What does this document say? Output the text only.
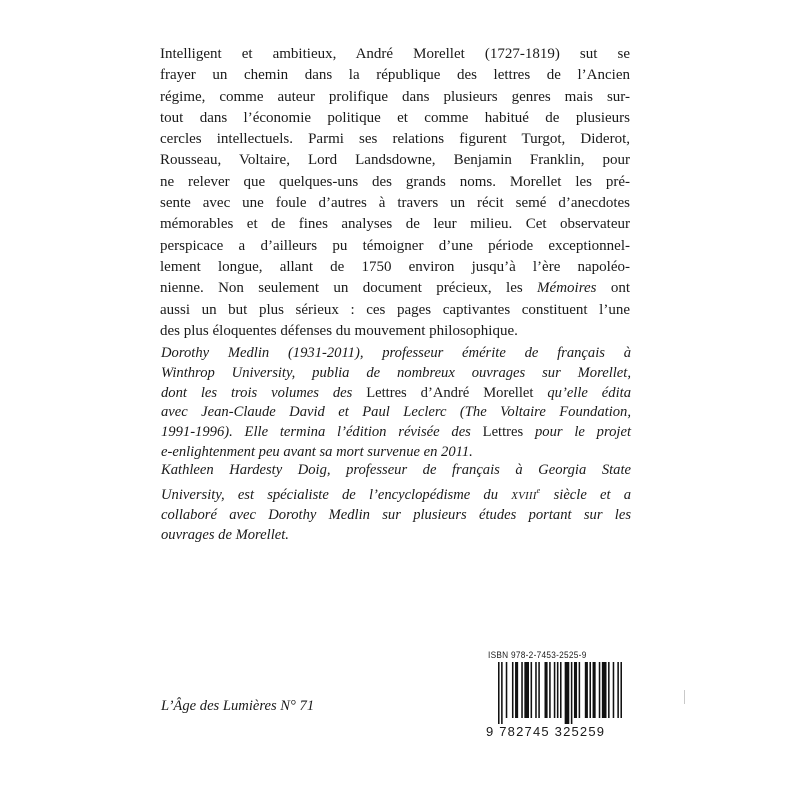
Intelligent et ambitieux, André Morellet (1727-1819) sut se
frayer un chemin dans la république des lettres de l’Ancien
régime, comme auteur prolifique dans plusieurs genres mais sur-
tout dans l’économie politique et comme habitué de plusieurs
cercles intellectuels. Parmi ses relations figurent Turgot, Diderot,
Rousseau, Voltaire, Lord Landsdowne, Benjamin Franklin, pour
ne relever que quelques-uns des grands noms. Morellet les pré-
sente avec une foule d’autres à travers un récit semé d’anecdotes
mémorables et de fines analyses de leur milieu. Cet observateur
perspicace a d’ailleurs pu témoigner d’une période exceptionnel-
lement longue, allant de 1750 environ jusqu’à l’ère napoléo-
nienne. Non seulement un document précieux, les Mémoires ont
aussi un but plus sérieux : ces pages captivantes constituent l’une
des plus éloquentes défenses du mouvement philosophique.
Dorothy Medlin (1931-2011), professeur émérite de français à
Winthrop University, publia de nombreux ouvrages sur Morellet,
dont les trois volumes des Lettres d’André Morellet qu’elle édita
avec Jean-Claude David et Paul Leclerc (The Voltaire Foundation,
1991-1996). Elle termina l’édition révisée des Lettres pour le projet
e-enlightenment peu avant sa mort survenue en 2011.
Kathleen Hardesty Doig, professeur de français à Georgia State
University, est spécialiste de l’encyclopédisme du XVIIIe siècle et a
collaboré avec Dorothy Medlin sur plusieurs études portant sur les
ouvrages de Morellet.
L’Âge des Lumières N° 71
ISBN 978-2-7453-2525-9
9 782745 325259
